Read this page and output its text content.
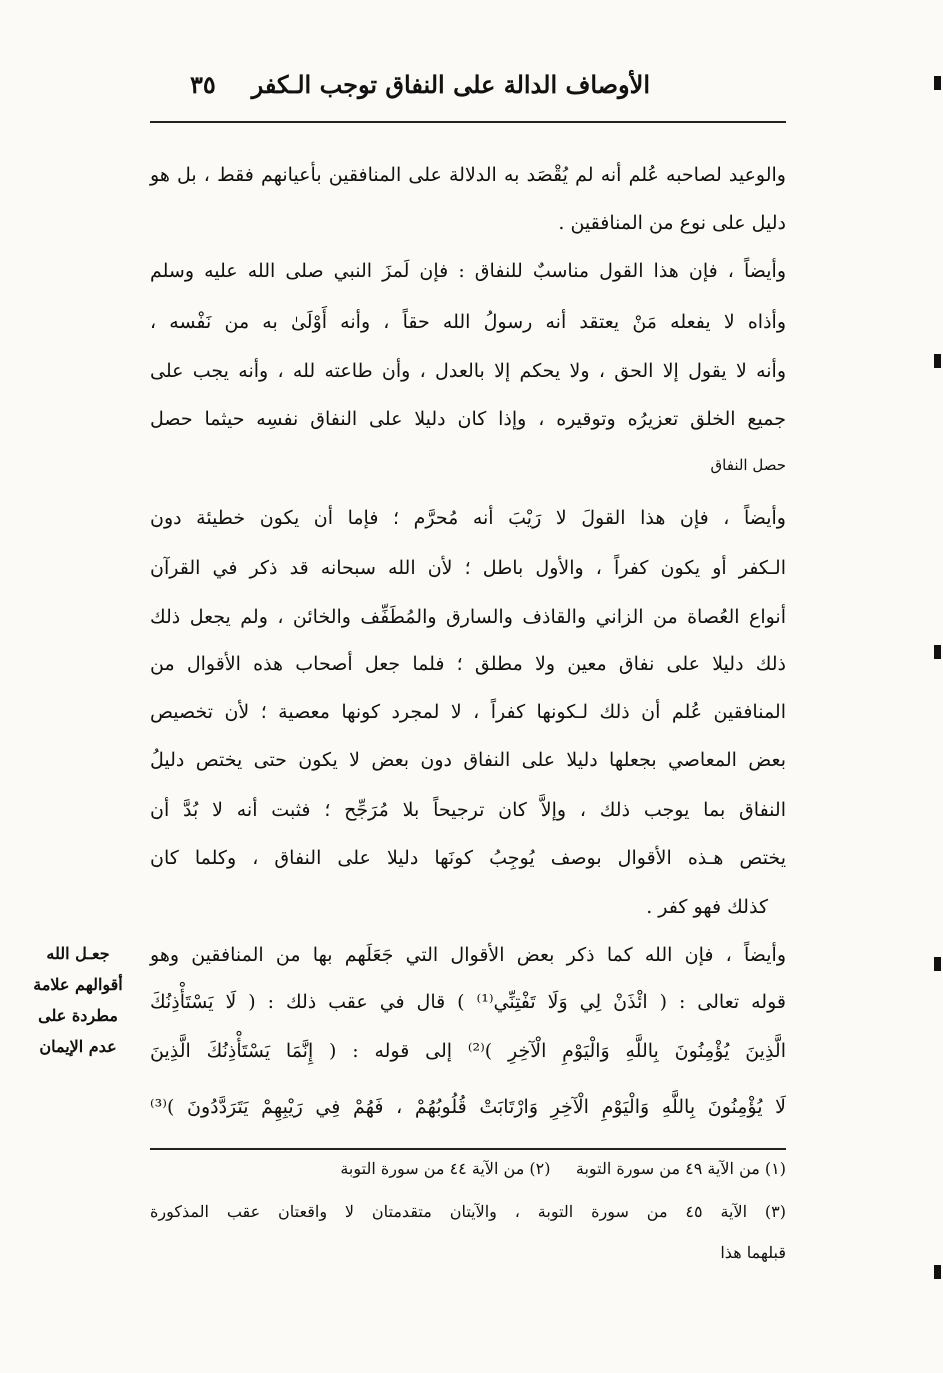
الأوصاف الدالة على النفاق توجب الـكفر
٣٥
والوعيد لصاحبه عُلم أنه لم يُقْصَد به الدلالة على المنافقين بأعيانهم فقط ، بل هو
دليل على نوع من المنافقين .
وأيضاً ، فإن هذا القول مناسبٌ للنفاق : فإن لَمزَ النبي صلى الله عليه وسلم
وأذاه لا يفعله مَنْ يعتقد أنه رسولُ الله حقاً ، وأنه أَوْلَىٰ به من نَفْسه ،
وأنه لا يقول إلا الحق ، ولا يحكم إلا بالعدل ، وأن طاعته لله ، وأنه يجب على
جميع الخلق تعزيرُه وتوقيره ، وإذا كان دليلا على النفاق نفسِه حيثما حصل
حصل النفاق
وأيضاً ، فإن هذا القولَ لا رَيْبَ أنه مُحرَّم ؛ فإما أن يكون خطيئة دون
الـكفر أو يكون كفراً ، والأول باطل ؛ لأن الله سبحانه قد ذكر في القرآن
أنواع العُصاة من الزاني والقاذف والسارق والمُطَفِّف والخائن ، ولم يجعل ذلك
ذلك دليلا على نفاق معين ولا مطلق ؛ فلما جعل أصحاب هذه الأقوال من
المنافقين عُلم أن ذلك لـكونها كفراً ، لا لمجرد كونها معصية ؛ لأن تخصيص
بعض المعاصي بجعلها دليلا على النفاق دون بعض لا يكون حتى يختص دليلُ
النفاق بما يوجب ذلك ، وإلاَّ كان ترجيحاً بلا مُرَجِّح ؛ فثبت أنه لا بُدَّ أن
يختص هـذه الأقوال بوصف يُوجِبُ كونَها دليلا على النفاق ، وكلما كان
كذلك فهو كفر .
وأيضاً ، فإن الله كما ذكر بعض الأقوال التي جَعَلَهم بها من المنافقين وهو
قوله تعالى : ( ائْذَنْ لِي وَلَا تَفْتِنِّي⁽¹⁾ ) قال في عقب ذلك : ( لَا يَسْتَأْذِنُكَ
الَّذِينَ يُؤْمِنُونَ بِاللَّهِ وَالْيَوْمِ الْآخِرِ )⁽²⁾ إلى قوله : ( إِنَّمَا يَسْتَأْذِنُكَ الَّذِينَ
لَا يُؤْمِنُونَ بِاللَّهِ وَالْيَوْمِ الْآخِرِ وَارْتَابَتْ قُلُوبُهُمْ ، فَهُمْ فِي رَيْبِهِمْ يَتَرَدَّدُونَ )⁽³⁾
جعـل الله
أقوالهم علامة
مطردة على
عدم الإيمان
(١) من الآية ٤٩ من سورة التوبة     (٢) من الآية ٤٤ من سورة التوبة
(٣) الآية ٤٥ من سورة التوبة ، والآيتان متقدمتان لا واقعتان عقب المذكورة
قبلهما هذا
